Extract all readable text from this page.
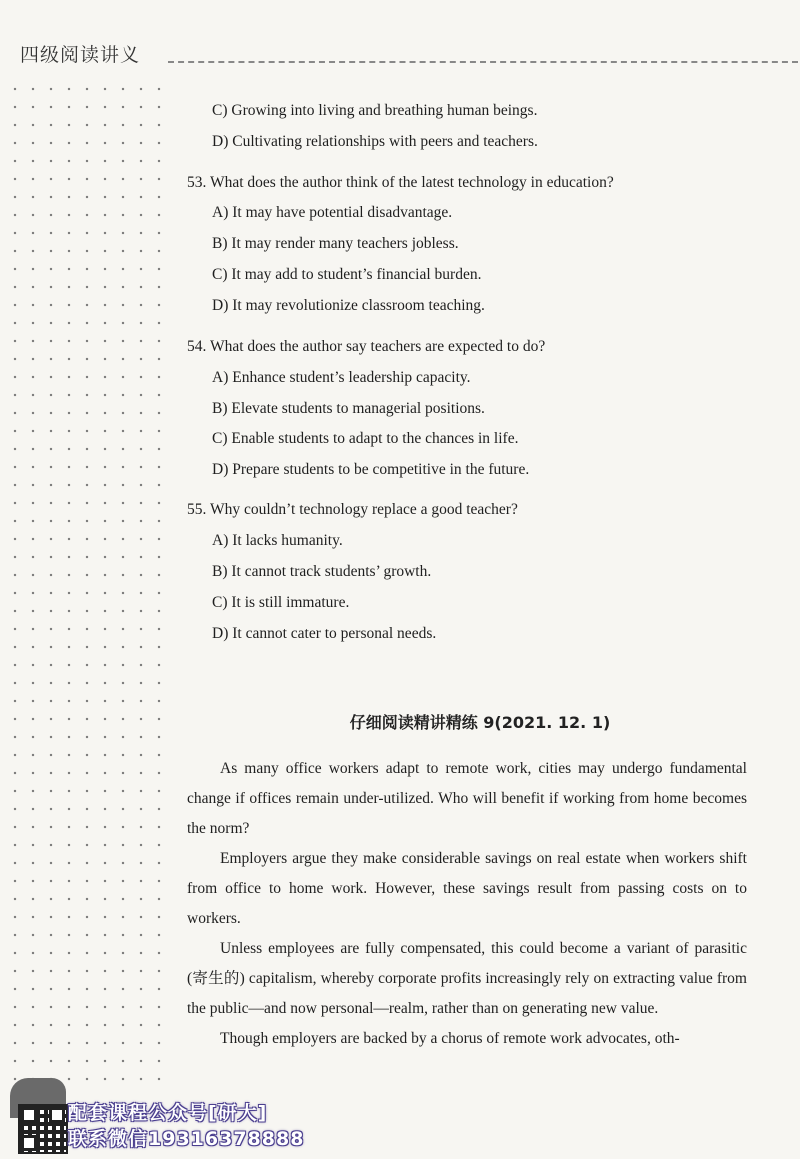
四级阅读讲义
C) Growing into living and breathing human beings.
D) Cultivating relationships with peers and teachers.
53. What does the author think of the latest technology in education?
A) It may have potential disadvantage.
B) It may render many teachers jobless.
C) It may add to student’s financial burden.
D) It may revolutionize classroom teaching.
54. What does the author say teachers are expected to do?
A) Enhance student’s leadership capacity.
B) Elevate students to managerial positions.
C) Enable students to adapt to the chances in life.
D) Prepare students to be competitive in the future.
55. Why couldn’t technology replace a good teacher?
A) It lacks humanity.
B) It cannot track students’ growth.
C) It is still immature.
D) It cannot cater to personal needs.
仔细阅读精讲精练 9(2021. 12. 1)

As many office workers adapt to remote work, cities may undergo fundamental change if offices remain under-utilized. Who will benefit if working from home becomes the norm?

Employers argue they make considerable savings on real estate when workers shift from office to home work. However, these savings result from passing costs on to workers.

Unless employees are fully compensated, this could become a variant of parasitic (寄生的) capitalism, whereby corporate profits increasingly rely on extracting value from the public—and now personal—realm, rather than on generating new value.

Though employers are backed by a chorus of remote work advocates, oth-

配套课程公众号[研大]
联系微信19316378888
